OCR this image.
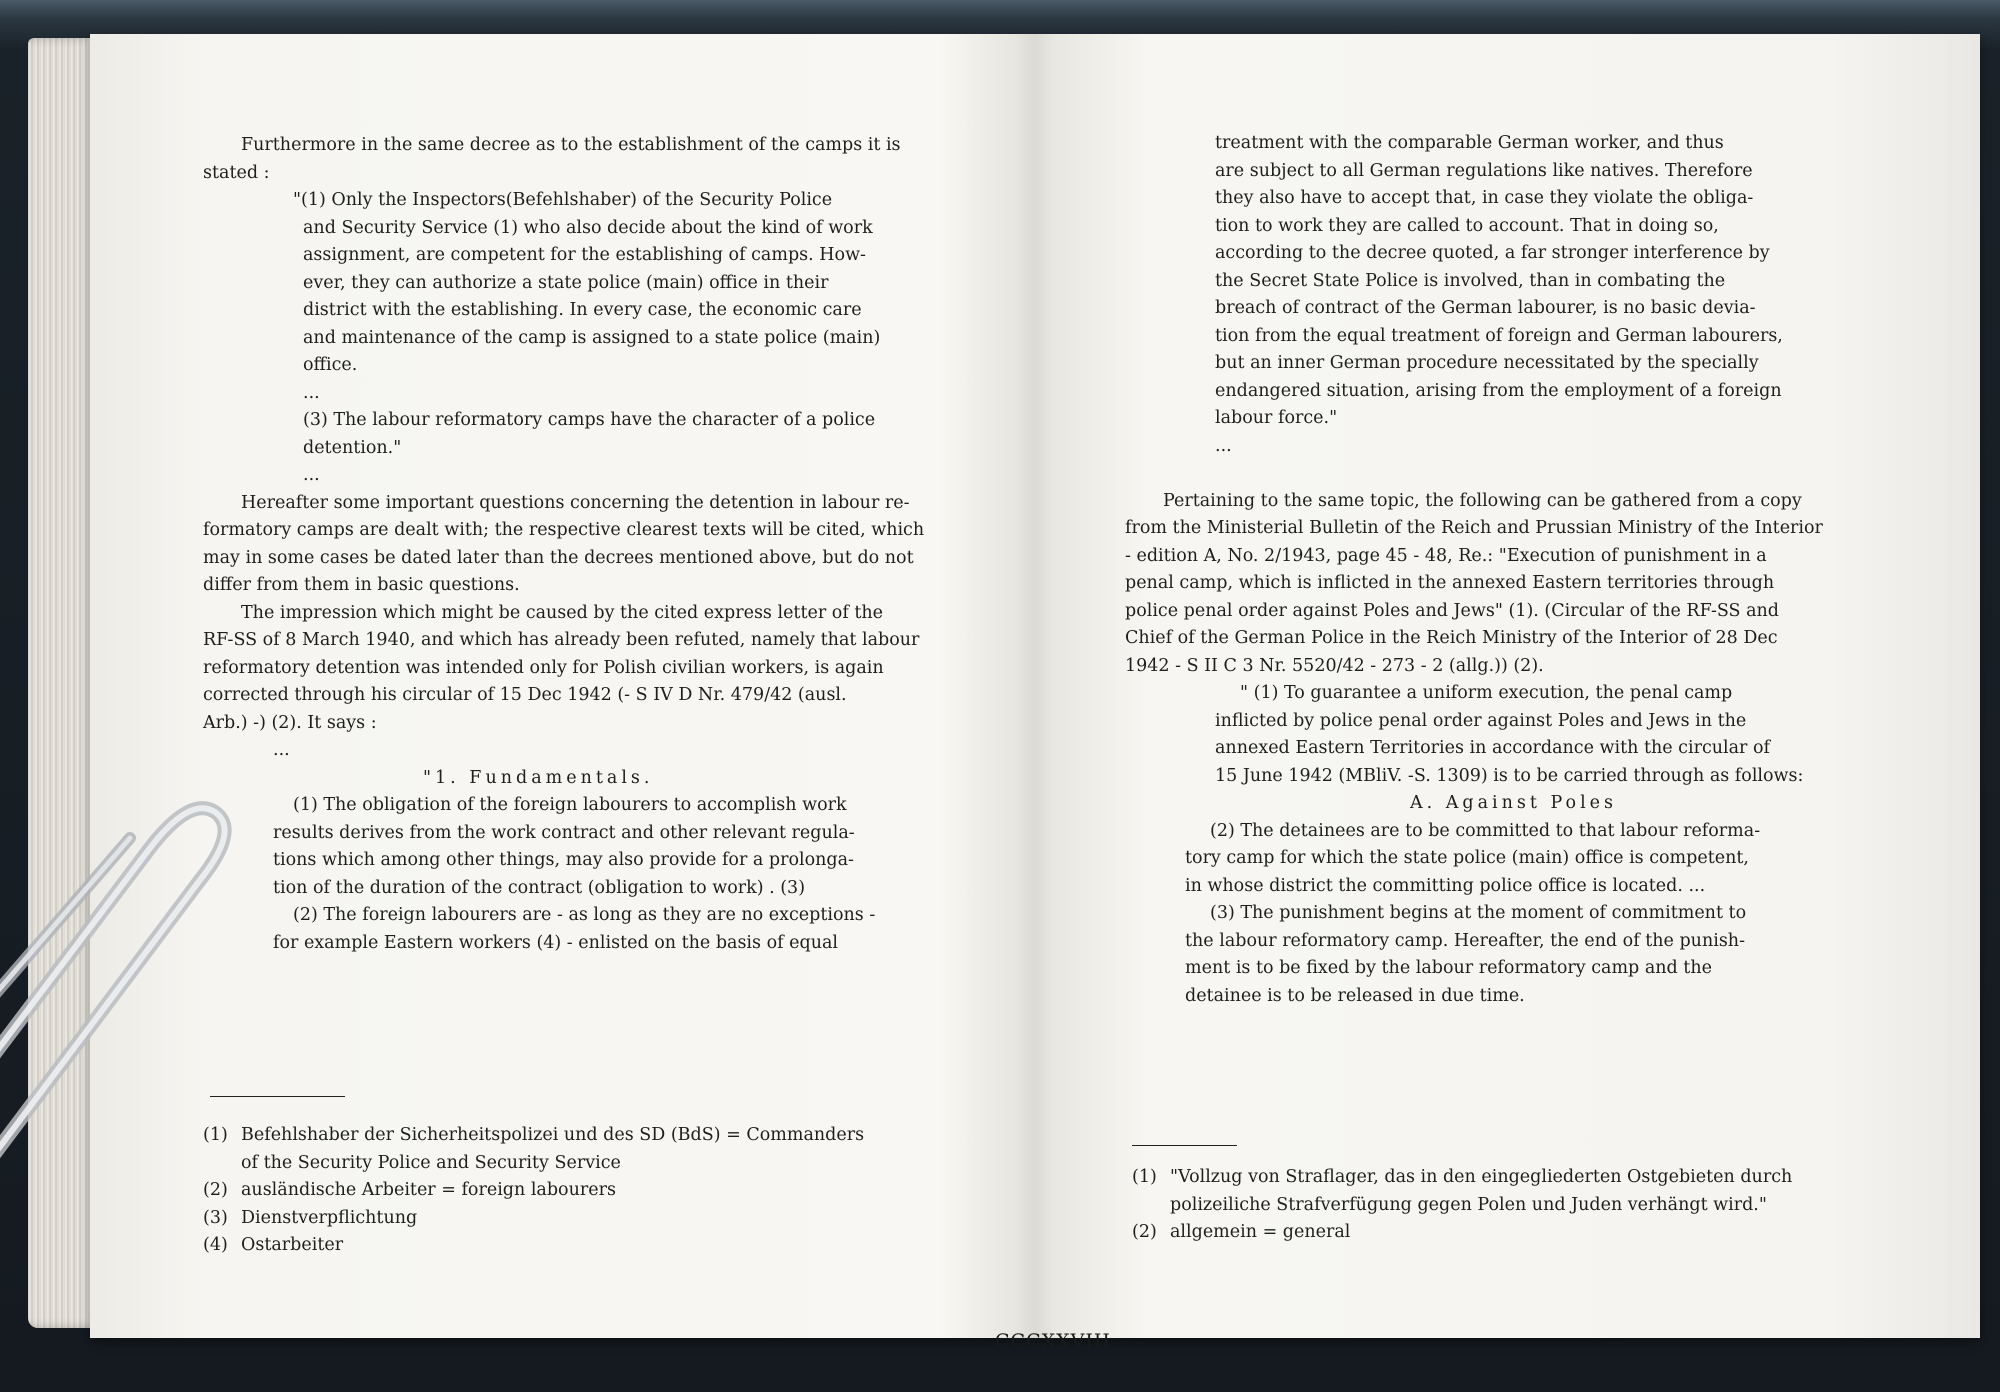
Furthermore in the same decree as to the establishment of the camps it is

stated :

"(1) Only the Inspectors(Befehlshaber) of the Security Police

and Security Service (1) who also decide about the kind of work

assignment, are competent for the establishing of camps. How-

ever, they can authorize a state police (main) office in their

district with the establishing. In every case, the economic care

and maintenance of the camp is assigned to a state police (main)

office.

...

(3) The labour reformatory camps have the character of a police

detention."

...

Hereafter some important questions concerning the detention in labour re-

formatory camps are dealt with; the respective clearest texts will be cited, which

may in some cases be dated later than the decrees mentioned above, but do not

differ from them in basic questions.

The impression which might be caused by the cited express letter of the

RF-SS of 8 March 1940, and which has already been refuted, namely that labour

reformatory detention was intended only for Polish civilian workers, is again

corrected through his circular of 15 Dec 1942 (- S IV D Nr. 479/42 (ausl.

Arb.) -) (2). It says :

...

"1. Fundamentals.

(1) The obligation of the foreign labourers to accomplish work

results derives from the work contract and other relevant regula-

tions which among other things, may also provide for a prolonga-

tion of the duration of the contract (obligation to work) . (3)

(2) The foreign labourers are - as long as they are no exceptions -

for example Eastern workers (4) - enlisted on the basis of equal

(1) Befehlshaber der Sicherheitspolizei und des SD (BdS) = Commanders

of the Security Police and Security Service

(2) ausländische Arbeiter = foreign labourers

(3) Dienstverpflichtung

(4) Ostarbeiter

treatment with the comparable German worker, and thus

are subject to all German regulations like natives. Therefore

they also have to accept that, in case they violate the obliga-

tion to work they are called to account. That in doing so,

according to the decree quoted, a far stronger interference by

the Secret State Police is involved, than in combating the

breach of contract of the German labourer, is no basic devia-

tion from the equal treatment of foreign and German labourers,

but an inner German procedure necessitated by the specially

endangered situation, arising from the employment of a foreign

labour force."

...

Pertaining to the same topic, the following can be gathered from a copy

from the Ministerial Bulletin of the Reich and Prussian Ministry of the Interior

- edition A, No. 2/1943, page 45 - 48, Re.: "Execution of punishment in a

penal camp, which is inflicted in the annexed Eastern territories through

police penal order against Poles and Jews" (1). (Circular of the RF-SS and

Chief of the German Police in the Reich Ministry of the Interior of 28 Dec

1942 - S II C 3 Nr. 5520/42 - 273 - 2 (allg.)) (2).

" (1) To guarantee a uniform execution, the penal camp

inflicted by police penal order against Poles and Jews in the

annexed Eastern Territories in accordance with the circular of

15 June 1942 (MBliV. -S. 1309) is to be carried through as follows:

A. Against Poles

(2) The detainees are to be committed to that labour reforma-

tory camp for which the state police (main) office is competent,

in whose district the committing police office is located. ...

(3) The punishment begins at the moment of commitment to

the labour reformatory camp. Hereafter, the end of the punish-

ment is to be fixed by the labour reformatory camp and the

detainee is to be released in due time.

(1) "Vollzug von Straflager, das in den eingegliederten Ostgebieten durch

polizeiliche Strafverfügung gegen Polen und Juden verhängt wird."

(2) allgemein = general

CCCXXVIII
